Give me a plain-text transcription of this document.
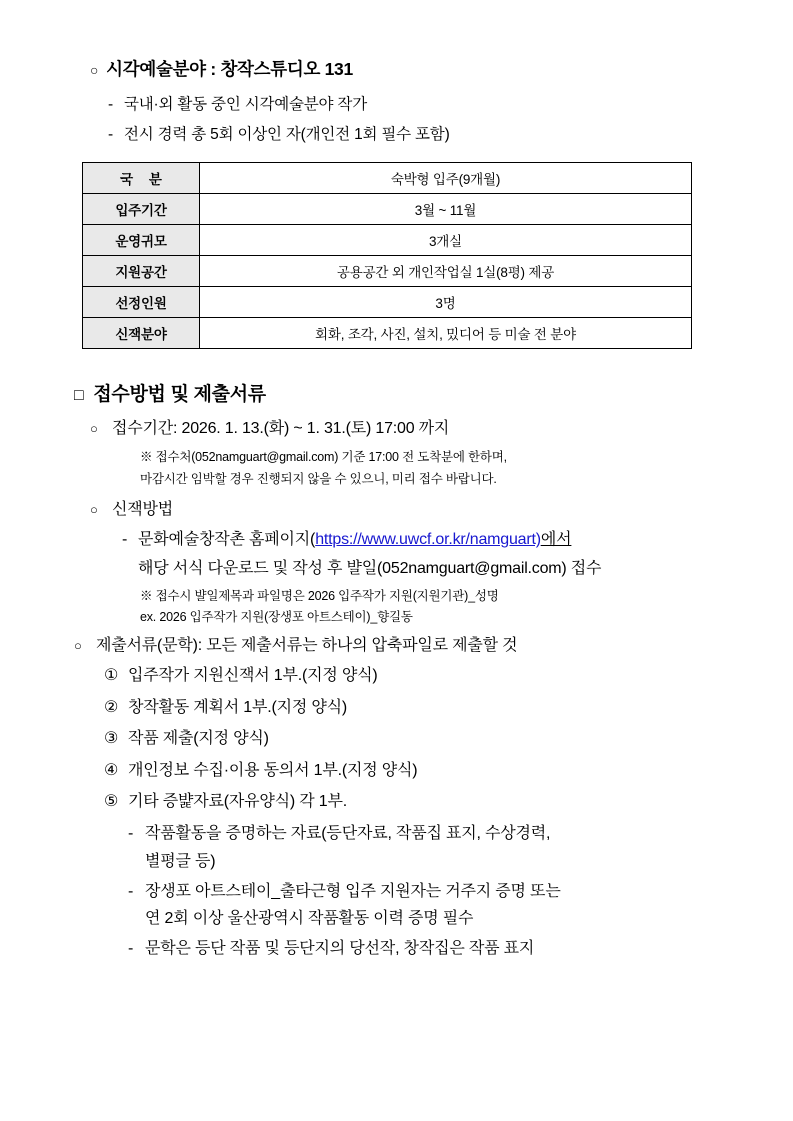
○ 시각예술분야 : 창작스튜디오 131
- 국내·외 활동 중인 시각예술분야 작가
- 전시 경력 총 5회 이상인 자(개인전 1회 필수 포함)
국 분	숙박형 입주(9개월)
입주기간	3월 ~ 11월
운영귀모	3개실
지원공간	공용공간 외 개인작업실 1실(8평) 제공
선정인원	3명
신잭분야	회화, 조각, 사진, 설치, 밌디어 등 미술 전 분야
□ 접수방법 및 제출서류
○ 접수기간: 2026. 1. 13.(화) ~ 1. 31.(토) 17:00 까지
※ 접수처(052namguart@gmail.com) 기준 17:00 전 도착분에 한하며,
마감시간 임박할 경우 진행되지 않을 수 있으니, 미리 접수 바랍니다.
○ 신잭방법
- 문화예술창작촌 홈페이지(https://www.uwcf.or.kr/namguart)에서
해당 서식 다운로드 및 작성 후 뱔일(052namguart@gmail.com) 접수
※ 접수시 뱔일제목과 파일명은 2026 입주작가 지원(지원기관)_성명
ex. 2026 입주작가 지원(장생포 아트스테이)_향길동
○ 제출서류(문학): 모든 제출서류는 하나의 압축파일로 제출할 것
① 입주작가 지원신잭서 1부.(지정 양식)
② 창작활동 계획서 1부.(지정 양식)
③ 작품 제출(지정 양식)
④ 개인정보 수집·이용 동의서 1부.(지정 양식)
⑤ 기타 증뱙자료(자유양식) 각 1부.
- 작품활동을 증명하는 자료(등단자료, 작품집 표지, 수상경력,
별평글 등)
- 장생포 아트스테이_출타근형 입주 지원자는 거주지 증명 또는
연 2회 이상 울산광역시 작품활동 이력 증명 필수
- 문학은 등단 작품 및 등단지의 당선작, 창작집은 작품 표지
